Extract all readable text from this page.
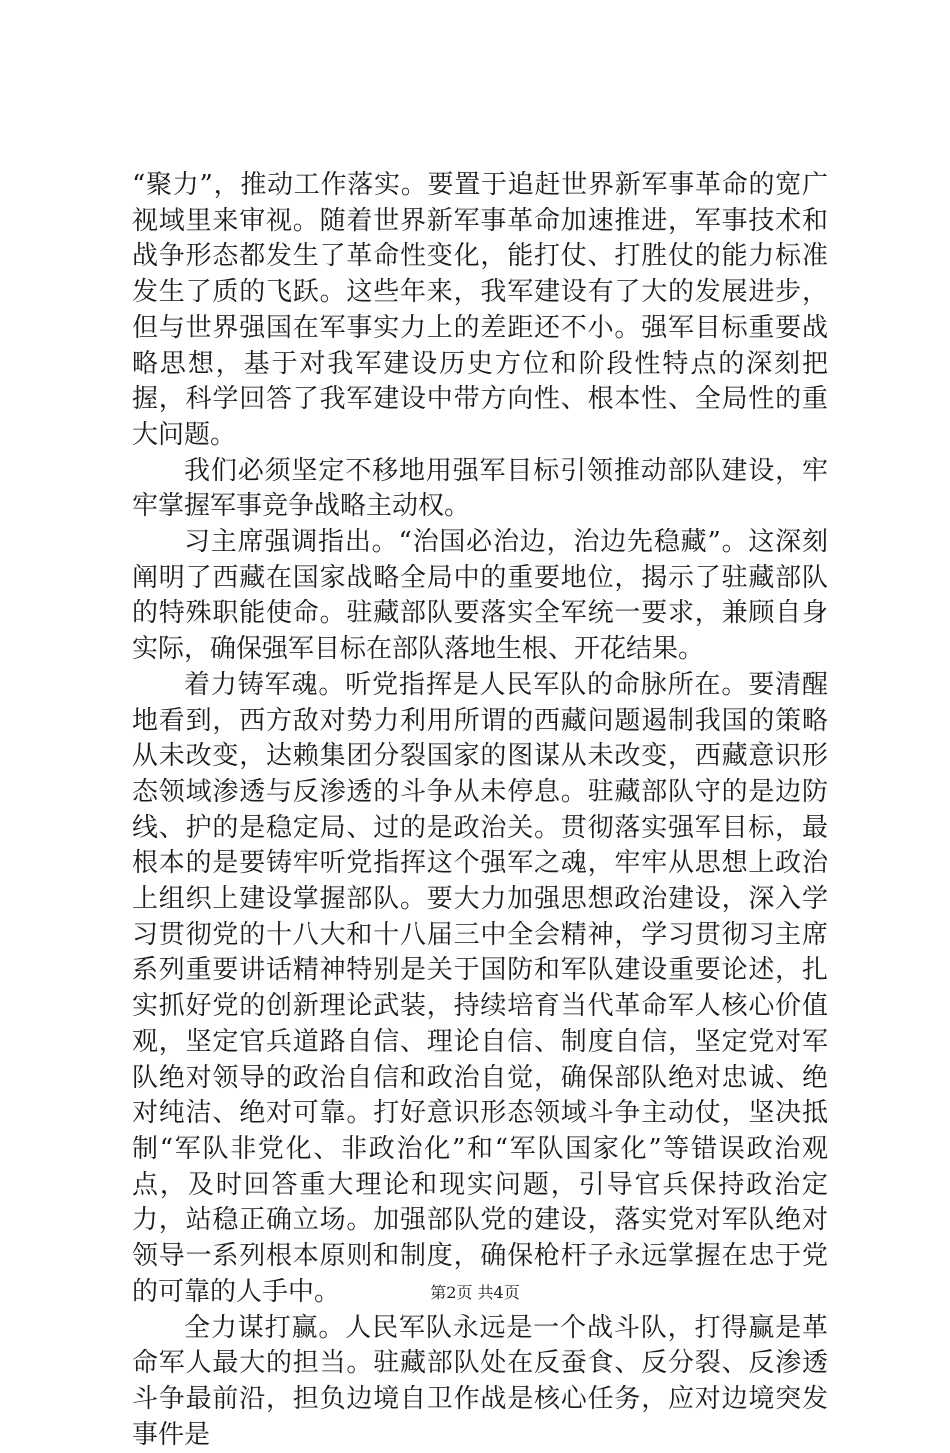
“聚力”，推动工作落实。要置于追赶世界新军事革命的宽广视域里来审视。随着世界新军事革命加速推进，军事技术和战争形态都发生了革命性变化，能打仗、打胜仗的能力标准发生了质的飞跃。这些年来，我军建设有了大的发展进步，但与世界强国在军事实力上的差距还不小。强军目标重要战略思想，基于对我军建设历史方位和阶段性特点的深刻把握，科学回答了我军建设中带方向性、根本性、全局性的重大问题。

我们必须坚定不移地用强军目标引领推动部队建设，牢牢掌握军事竞争战略主动权。

习主席强调指出。“治国必治边，治边先稳藏”。这深刻阐明了西藏在国家战略全局中的重要地位，揭示了驻藏部队的特殊职能使命。驻藏部队要落实全军统一要求，兼顾自身实际，确保强军目标在部队落地生根、开花结果。

着力铸军魂。听党指挥是人民军队的命脉所在。要清醒地看到，西方敌对势力利用所谓的西藏问题遏制我国的策略从未改变，达赖集团分裂国家的图谋从未改变，西藏意识形态领域渗透与反渗透的斗争从未停息。驻藏部队守的是边防线、护的是稳定局、过的是政治关。贯彻落实强军目标，最根本的是要铸牢听党指挥这个强军之魂，牢牢从思想上政治上组织上建设掌握部队。要大力加强思想政治建设，深入学习贯彻党的十八大和十八届三中全会精神，学习贯彻习主席系列重要讲话精神特别是关于国防和军队建设重要论述，扎实抓好党的创新理论武装，持续培育当代革命军人核心价值观，坚定官兵道路自信、理论自信、制度自信，坚定党对军队绝对领导的政治自信和政治自觉，确保部队绝对忠诚、绝对纯洁、绝对可靠。打好意识形态领域斗争主动仗，坚决抵制“军队非党化、非政治化”和“军队国家化”等错误政治观点，及时回答重大理论和现实问题，引导官兵保持政治定力，站稳正确立场。加强部队党的建设，落实党对军队绝对领导一系列根本原则和制度，确保枪杆子永远掌握在忠于党的可靠的人手中。

全力谋打赢。人民军队永远是一个战斗队，打得赢是革命军人最大的担当。驻藏部队处在反蚕食、反分裂、反渗透斗争最前沿，担负边境自卫作战是核心任务，应对边境突发事件是

第2页 共4页
